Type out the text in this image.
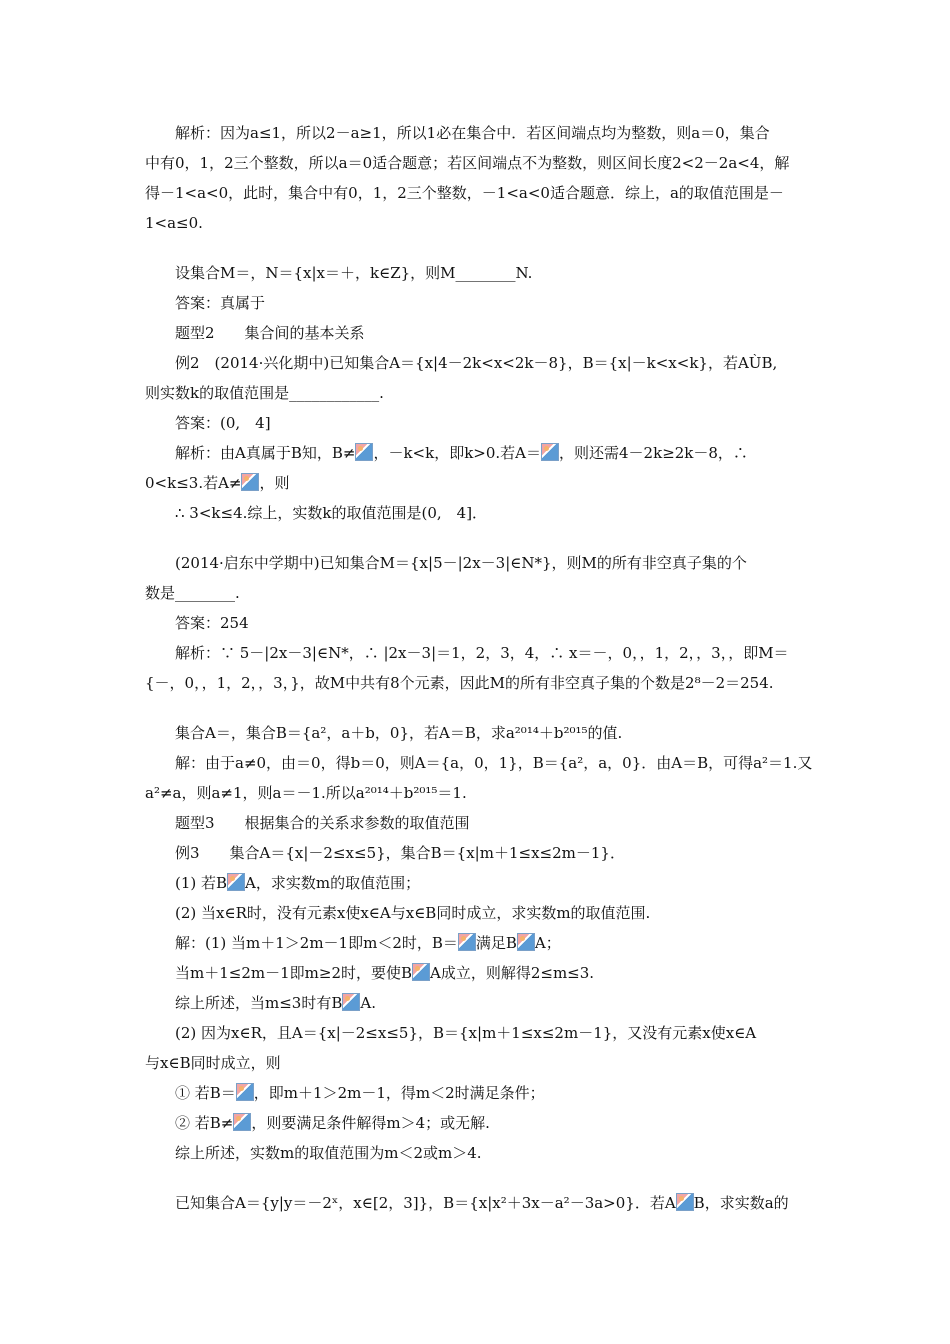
解析：因为a≤1，所以2－a≥1，所以1必在集合中．若区间端点均为整数，则a＝0，集合
中有0，1，2三个整数，所以a＝0适合题意；若区间端点不为整数，则区间长度2<2－2a<4，解
得－1<a<0，此时，集合中有0，1，2三个整数，－1<a<0适合题意．综上，a的取值范围是－
1<a≤0.
设集合M＝，N＝{x|x＝＋，k∈Z}，则M________N.
答案：真属于
题型2　　集合间的基本关系
例2　(2014·兴化期中)已知集合A＝{x|4－2k<x<2k－8}，B＝{x|－k<x<k}，若AÙB,
则实数k的取值范围是____________.
答案：(0,　4]
解析：由A真属于B知，B≠ ，－k<k，即k>0.若A＝ ，则还需4－2k≥2k－8，∴
0<k≤3.若A≠ ，则
∴ 3<k≤4.综上，实数k的取值范围是(0,　4]．
(2014·启东中学期中)已知集合M＝{x|5－|2x－3|∈N*}，则M的所有非空真子集的个
数是________.
答案：254
解析：∵ 5－|2x－3|∈N*，∴ |2x－3|＝1，2，3，4，∴ x＝－，0，，1，2，，3，，即M＝
{－，0，，1，2，，3，}，故M中共有8个元素，因此M的所有非空真子集的个数是2⁸－2＝254.
集合A＝，集合B＝{a²，a＋b，0}，若A＝B，求a²⁰¹⁴＋b²⁰¹⁵的值.
解：由于a≠0，由＝0，得b＝0，则A＝{a，0，1}，B＝{a²，a，0}．由A＝B，可得a²＝1.又
a²≠a，则a≠1，则a＝－1.所以a²⁰¹⁴＋b²⁰¹⁵＝1.
题型3　　根据集合的关系求参数的取值范围
例3　　集合A＝{x|－2≤x≤5}，集合B＝{x|m＋1≤x≤2m－1}．
(1) 若B A，求实数m的取值范围；
(2) 当x∈R时，没有元素x使x∈A与x∈B同时成立，求实数m的取值范围.
解：(1) 当m＋1＞2m－1即m＜2时，B＝ 满足B A；
当m＋1≤2m－1即m≥2时，要使B A成立，则解得2≤m≤3.
综上所述，当m≤3时有B A.
(2) 因为x∈R，且A＝{x|－2≤x≤5}，B＝{x|m＋1≤x≤2m－1}，又没有元素x使x∈A
与x∈B同时成立，则
① 若B＝ ，即m＋1＞2m－1，得m＜2时满足条件；
② 若B≠ ，则要满足条件解得m＞4；或无解.
综上所述，实数m的取值范围为m＜2或m＞4.
已知集合A＝{y|y＝－2ˣ，x∈[2，3]}，B＝{x|x²＋3x－a²－3a>0}．若A B，求实数a的
